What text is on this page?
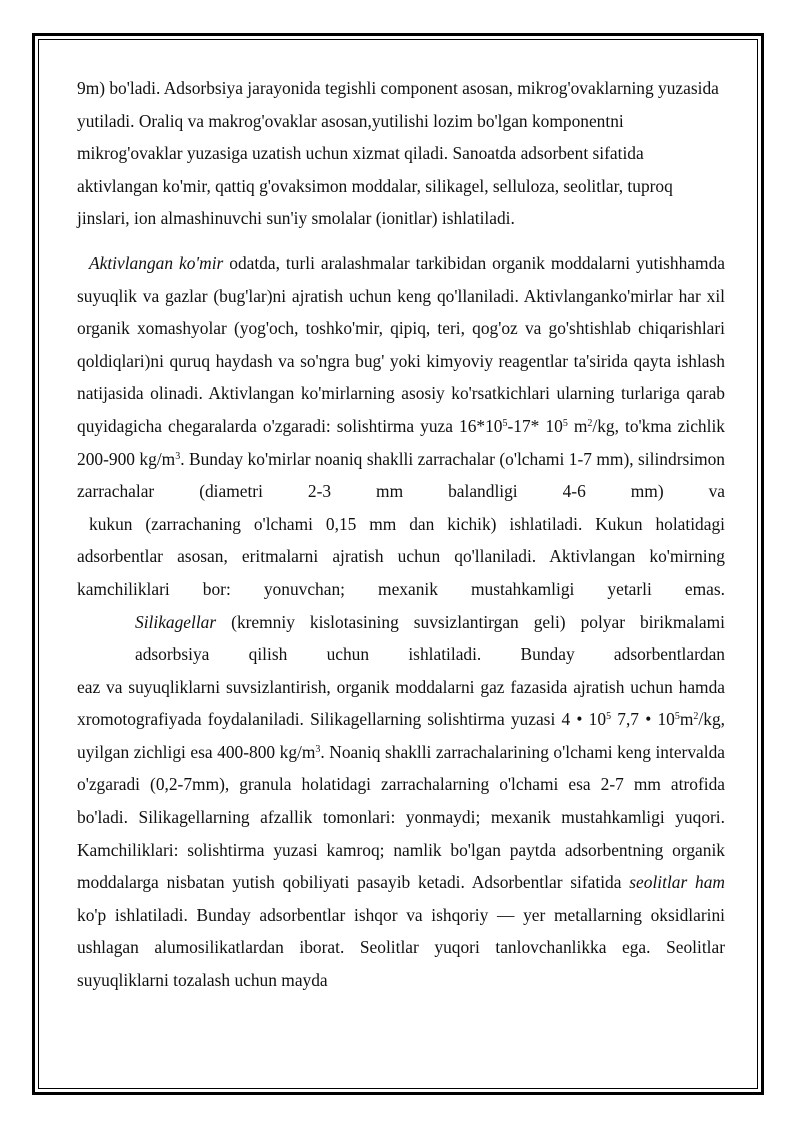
9m) bo'ladi. Adsorbsiya jarayonida tegishli component asosan, mikrog'ovaklarning yuzasida yutiladi. Oraliq va makrog'ovaklar asosan,yutilishi lozim bo'lgan komponentni mikrog'ovaklar yuzasiga uzatish uchun xizmat qiladi. Sanoatda adsorbent sifatida aktivlangan ko'mir, qattiq g'ovaksimon moddalar, silikagel, selluloza, seolitlar, tuproq jinslari, ion almashinuvchi sun'iy smolalar (ionitlar) ishlatiladi.

Aktivlangan ko'mir odatda, turli aralashmalar tarkibidan organik moddalarni yutishhamda suyuqlik va gazlar (bug'lar)ni ajratish uchun keng qo'llaniladi. Aktivlanganko'mirlar har xil organik xomashyolar (yog'och, toshko'mir, qipiq, teri, qog'oz va go'shtishlab chiqarishlari qoldiqlari)ni quruq haydash va so'ngra bug' yoki kimyoviy reagentlar ta'sirida qayta ishlash natijasida olinadi. Aktivlangan ko'mirlarning asosiy ko'rsatkichlari ularning turlariga qarab quyidagicha chegaralarda o'zgaradi: solishtirma yuza $16*10^5-17*$ $10^5$ $m^2/kg$, to'kma zichlik 200-900 $kg/m^3$. Bunday ko'mirlar noaniq shaklli zarrachalar (o'lchami 1-7 mm), silindrsimon zarrachalar (diametri 2-3 mm balandligi 4-6 mm) va
kukun (zarrachaning o'lchami 0,15 mm dan kichik) ishlatiladi. Kukun holatidagi adsorbentlar asosan, eritmalarni ajratish uchun qo'llaniladi. Aktivlangan ko'mirning kamchiliklari bor: yonuvchan; mexanik mustahkamligi yetarli emas.

Silikagellar (kremniy kislotasining suvsizlantirgan geli) polyar birikmalami adsorbsiya qilish uchun ishlatiladi. Bunday adsorbentlardan
eaz va suyuqliklarni suvsizlantirish, organik moddalarni gaz fazasida ajratish uchun hamda xromotografiyada foydalaniladi. Silikagellarning solishtirma yuzasi 4 • $10^5$ 7,7 • $10^5m^2/kg$, uyilgan zichligi esa 400-800 $kg/m^3$. Noaniq shaklli zarrachalarining o'lchami keng intervalda o'zgaradi (0,2-7mm), granula holatidagi zarrachalarning o'lchami esa 2-7 mm atrofida bo'ladi. Silikagellarning afzallik tomonlari: yonmaydi; mexanik mustahkamligi yuqori. Kamchiliklari: solishtirma yuzasi kamroq; namlik bo'lgan paytda adsorbentning organik moddalarga nisbatan yutish qobiliyati pasayib ketadi. Adsorbentlar sifatida seolitlar ham ko'p ishlatiladi. Bunday adsorbentlar ishqor va ishqoriy — yer metallarning oksidlarini ushlagan alumosilikatlardan iborat. Seolitlar yuqori tanlovchanlikka ega. Seolitlar suyuqliklarni tozalash uchun mayda
